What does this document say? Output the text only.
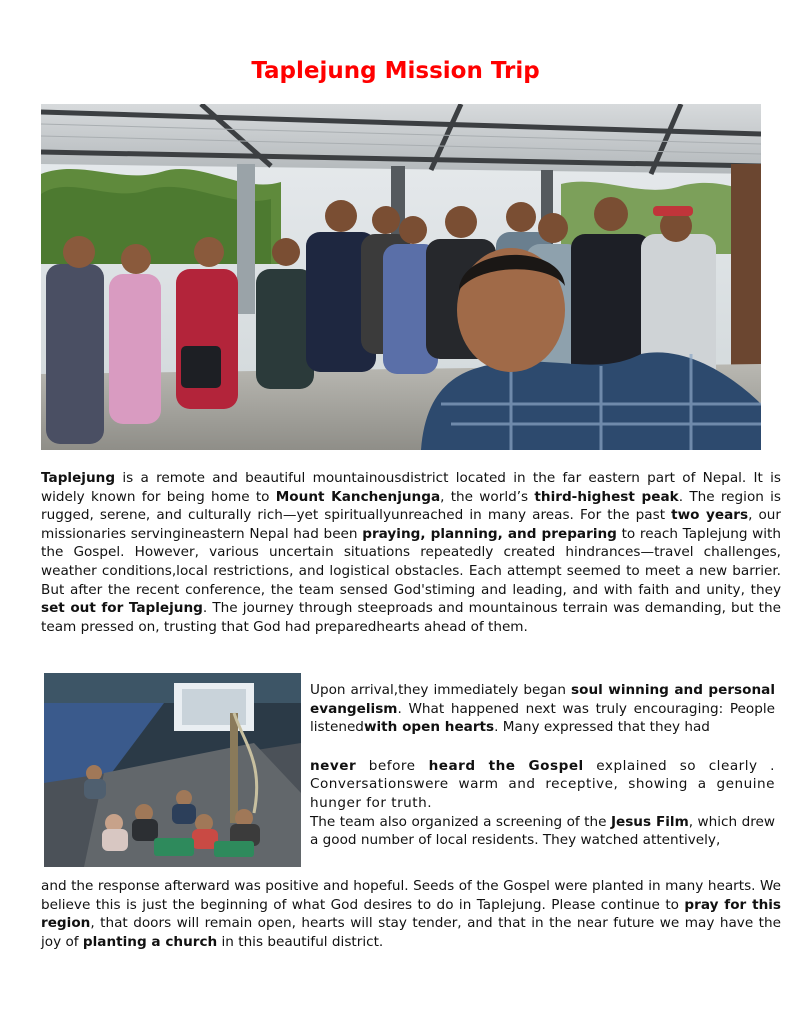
Taplejung Mission Trip

Taplejung is a remote and beautiful mountainousdistrict located in the far eastern part of Nepal. It is widely known for being home to Mount Kanchenjunga, the world’s third-highest peak. The region is rugged, serene, and culturally rich—yet spirituallyunreached in many areas. For the past two years, our missionaries servingineastern Nepal had been praying, planning, and preparing to reach Taplejung with the Gospel. However, various uncertain situations repeatedly created hindrances—travel challenges, weather conditions,local restrictions, and logistical obstacles. Each attempt seemed to meet a new barrier. But after the recent conference, the team sensed God'stiming and leading, and with faith and unity, they set out for Taplejung. The journey through steeproads and mountainous terrain was demanding, but the team pressed on, trusting that God had preparedhearts ahead of them.

Upon arrival,they immediately began soul winning and personal evangelism. What happened next was truly encouraging: People listenedwith open hearts. Many expressed that they had
never before heard the Gospel explained so clearly . Conversationswere warm and receptive, showing a genuine hunger for truth.
The team also organized a screening of the Jesus Film, which drew a good number of local residents. They watched attentively,

and the response afterward was positive and hopeful. Seeds of the Gospel were planted in many hearts. We believe this is just the beginning of what God desires to do in Taplejung. Please continue to pray for this region, that doors will remain open, hearts will stay tender, and that in the near future we may have the joy of planting a church in this beautiful district.
